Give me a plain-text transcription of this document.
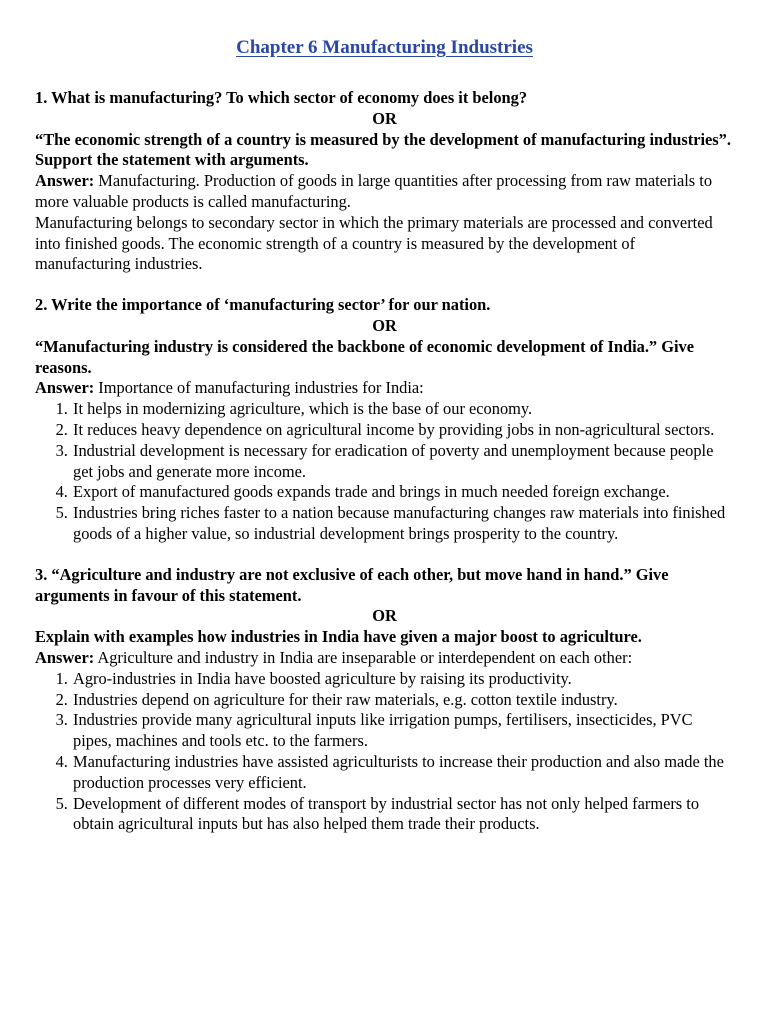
Chapter 6 Manufacturing Industries
1. What is manufacturing? To which sector of economy does it belong?
OR
“The economic strength of a country is measured by the development of manufacturing industries”. Support the statement with arguments.

Answer: Manufacturing. Production of goods in large quantities after processing from raw materials to more valuable products is called manufacturing.

Manufacturing belongs to secondary sector in which the primary materials are processed and converted into finished goods. The economic strength of a country is measured by the development of manufacturing industries.

2. Write the importance of ‘manufacturing sector’ for our nation.
OR
“Manufacturing industry is considered the backbone of economic development of India.” Give reasons.

Answer: Importance of manufacturing industries for India:

1. It helps in modernizing agriculture, which is the base of our economy.
2. It reduces heavy dependence on agricultural income by providing jobs in non-agricultural sectors.
3. Industrial development is necessary for eradication of poverty and unemployment because people get jobs and generate more income.
4. Export of manufactured goods expands trade and brings in much needed foreign exchange.
5. Industries bring riches faster to a nation because manufacturing changes raw materials into finished goods of a higher value, so industrial development brings prosperity to the country.
3. “Agriculture and industry are not exclusive of each other, but move hand in hand.” Give arguments in favour of this statement.
OR
Explain with examples how industries in India have given a major boost to agriculture.

Answer: Agriculture and industry in India are inseparable or interdependent on each other:

1. Agro-industries in India have boosted agriculture by raising its productivity.
2. Industries depend on agriculture for their raw materials, e.g. cotton textile industry.
3. Industries provide many agricultural inputs like irrigation pumps, fertilisers, insecticides, PVC pipes, machines and tools etc. to the farmers.
4. Manufacturing industries have assisted agriculturists to increase their production and also made the production processes very efficient.
5. Development of different modes of transport by industrial sector has not only helped farmers to obtain agricultural inputs but has also helped them trade their products.
